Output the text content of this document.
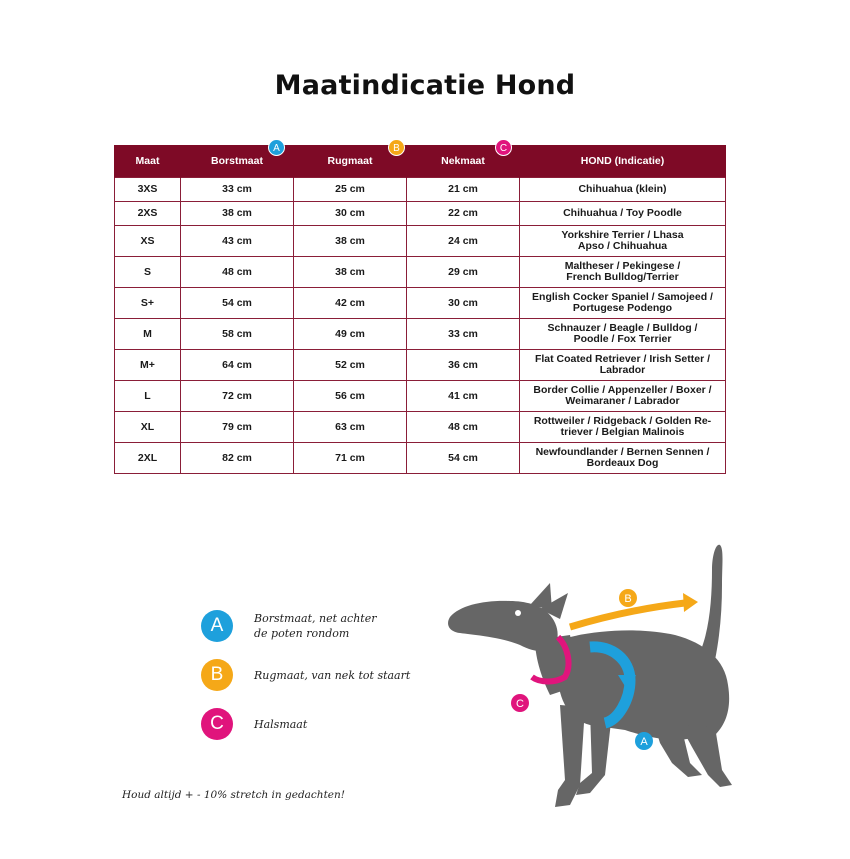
Maatindicatie Hond
Maat	Borstmaat	Rugmaat	Nekmaat	HOND (Indicatie)
3XS	33 cm	25 cm	21 cm	Chihuahua (klein)

2XS	38 cm	30 cm	22 cm	Chihuahua / Toy Poodle

XS	43 cm	38 cm	24 cm	Yorkshire Terrier / Lhasa
Apso / Chihuahua

S	48 cm	38 cm	29 cm	Maltheser / Pekingese /
French Bulldog/Terrier

S+	54 cm	42 cm	30 cm	English Cocker Spaniel / Samojeed /
Portugese Podengo

M	58 cm	49 cm	33 cm	Schnauzer / Beagle / Bulldog /
Poodle / Fox Terrier

M+	64 cm	52 cm	36 cm	Flat Coated Retriever / Irish Setter /
Labrador

L	72 cm	56 cm	41 cm	Border Collie / Appenzeller / Boxer /
Weimaraner / Labrador

XL	79 cm	63 cm	48 cm	Rottweiler / Ridgeback / Golden Re-
triever / Belgian Malinois

2XL	82 cm	71 cm	54 cm	Newfoundlander / Bernen Sennen /
Bordeaux Dog
A	B	C
A	Borstmaat, net achter
de poten rondom
B	Rugmaat, van nek tot staart
C	Halsmaat
Houd altijd + - 10% stretch in gedachten!
B
C
A
